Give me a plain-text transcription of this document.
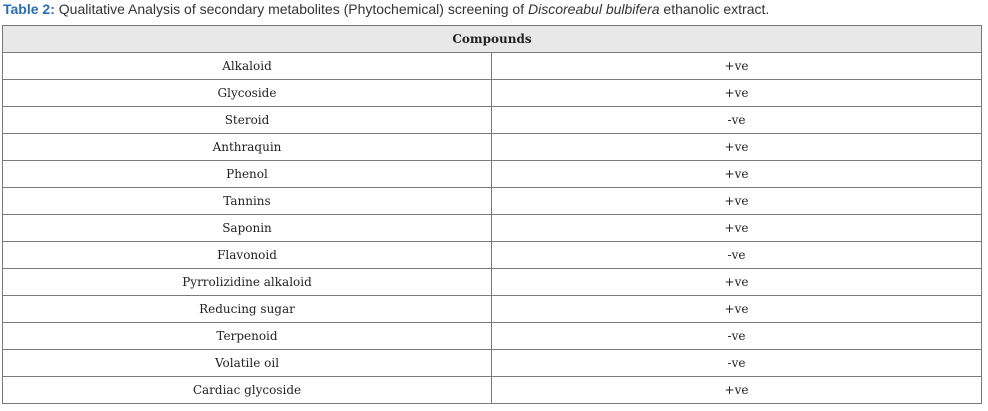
Table 2: Qualitative Analysis of secondary metabolites (Phytochemical) screening of Discoreabul bulbifera ethanolic extract.
Compounds	
Alkaloid	+ve
Glycoside	+ve
Steroid	-ve
Anthraquin	+ve
Phenol	+ve
Tannins	+ve
Saponin	+ve
Flavonoid	-ve
Pyrrolizidine alkaloid	+ve
Reducing sugar	+ve
Terpenoid	-ve
Volatile oil	-ve
Cardiac glycoside	+ve
